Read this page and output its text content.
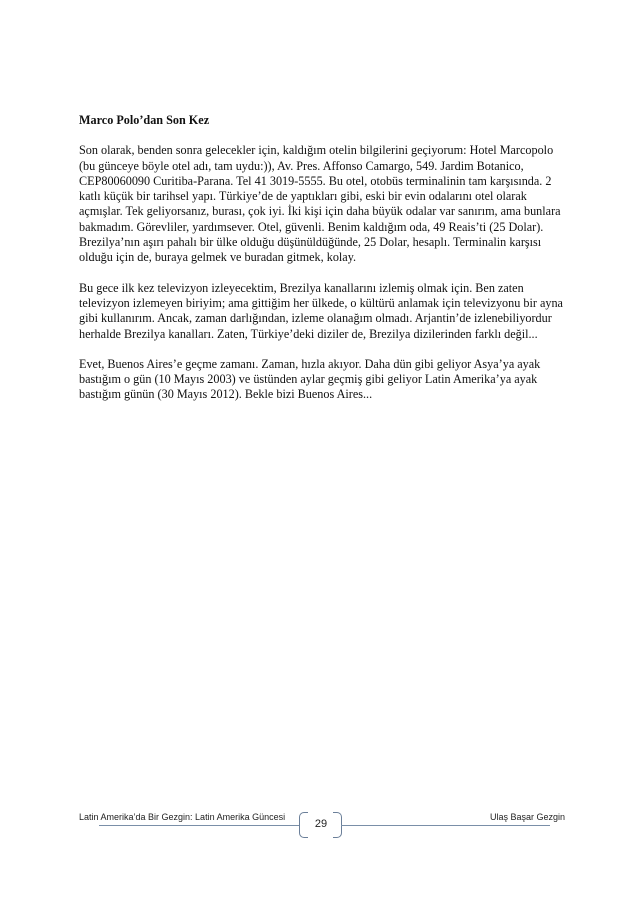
Marco Polo’dan Son Kez

Son olarak, benden sonra gelecekler için, kaldığım otelin bilgilerini geçiyorum: Hotel Marcopolo (bu günceye böyle otel adı, tam uydu:)), Av. Pres. Affonso Camargo, 549. Jardim Botanico, CEP80060090 Curitiba-Parana. Tel 41 3019-5555. Bu otel, otobüs terminalinin tam karşısında. 2 katlı küçük bir tarihsel yapı. Türkiye’de de yaptıkları gibi, eski bir evin odalarını otel olarak açmışlar. Tek geliyorsanız, burası, çok iyi. İki kişi için daha büyük odalar var sanırım, ama bunlara bakmadım. Görevliler, yardımsever. Otel, güvenli. Benim kaldığım oda, 49 Reais’ti (25 Dolar). Brezilya’nın aşırı pahalı bir ülke olduğu düşünüldüğünde, 25 Dolar, hesaplı. Terminalin karşısı olduğu için de, buraya gelmek ve buradan gitmek, kolay.

Bu gece ilk kez televizyon izleyecektim, Brezilya kanallarını izlemiş olmak için. Ben zaten televizyon izlemeyen biriyim; ama gittiğim her ülkede, o kültürü anlamak için televizyonu bir ayna gibi kullanırım. Ancak, zaman darlığından, izleme olanağım olmadı. Arjantin’de izlenebiliyordur herhalde Brezilya kanalları. Zaten, Türkiye’deki diziler de, Brezilya dizilerinden farklı değil...

Evet, Buenos Aires’e geçme zamanı. Zaman, hızla akıyor. Daha dün gibi geliyor Asya’ya ayak bastığım o gün (10 Mayıs 2003) ve üstünden aylar geçmiş gibi geliyor Latin Amerika’ya ayak bastığım günün (30 Mayıs 2012). Bekle bizi Buenos Aires...

Latin Amerika’da Bir Gezgin: Latin Amerika Güncesi
29
Ulaş Başar Gezgin
